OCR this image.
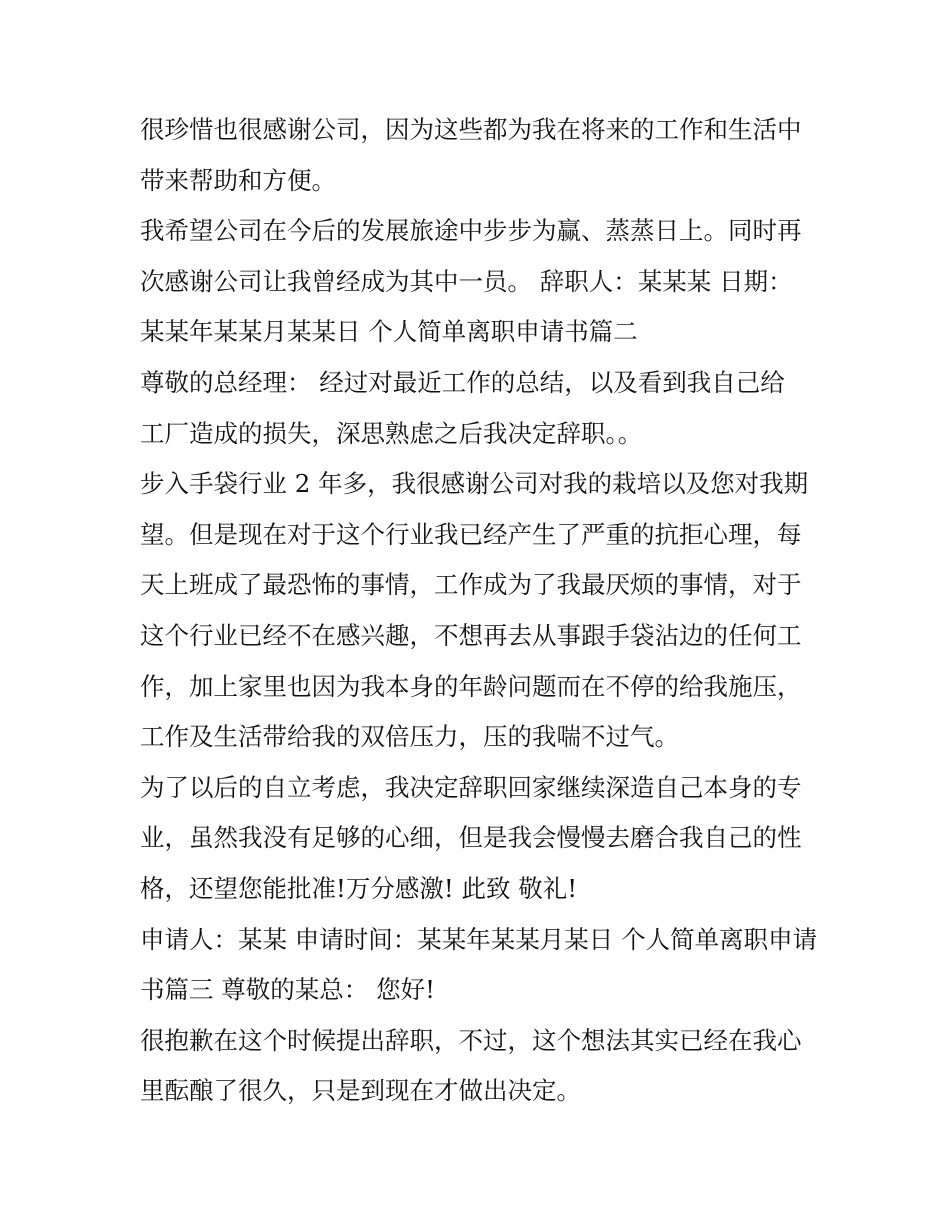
很珍惜也很感谢公司，因为这些都为我在将来的工作和生活中
带来帮助和方便。
我希望公司在今后的发展旅途中步步为赢、蒸蒸日上。同时再
次感谢公司让我曾经成为其中一员。 辞职人：某某某 日期：
某某年某某月某某日 个人简单离职申请书篇二
尊敬的总经理： 经过对最近工作的总结，以及看到我自己给
工厂造成的损失，深思熟虑之后我决定辞职。。
步入手袋行业 2 年多，我很感谢公司对我的栽培以及您对我期
望。但是现在对于这个行业我已经产生了严重的抗拒心理，每
天上班成了最恐怖的事情，工作成为了我最厌烦的事情，对于
这个行业已经不在感兴趣，不想再去从事跟手袋沾边的任何工
作，加上家里也因为我本身的年龄问题而在不停的给我施压，
工作及生活带给我的双倍压力，压的我喘不过气。
为了以后的自立考虑，我决定辞职回家继续深造自己本身的专
业，虽然我没有足够的心细，但是我会慢慢去磨合我自己的性
格，还望您能批准!万分感激! 此致 敬礼!
申请人：某某 申请时间：某某年某某月某日 个人简单离职申请
书篇三 尊敬的某总： 您好!
很抱歉在这个时候提出辞职，不过，这个想法其实已经在我心
里酝酿了很久，只是到现在才做出决定。
